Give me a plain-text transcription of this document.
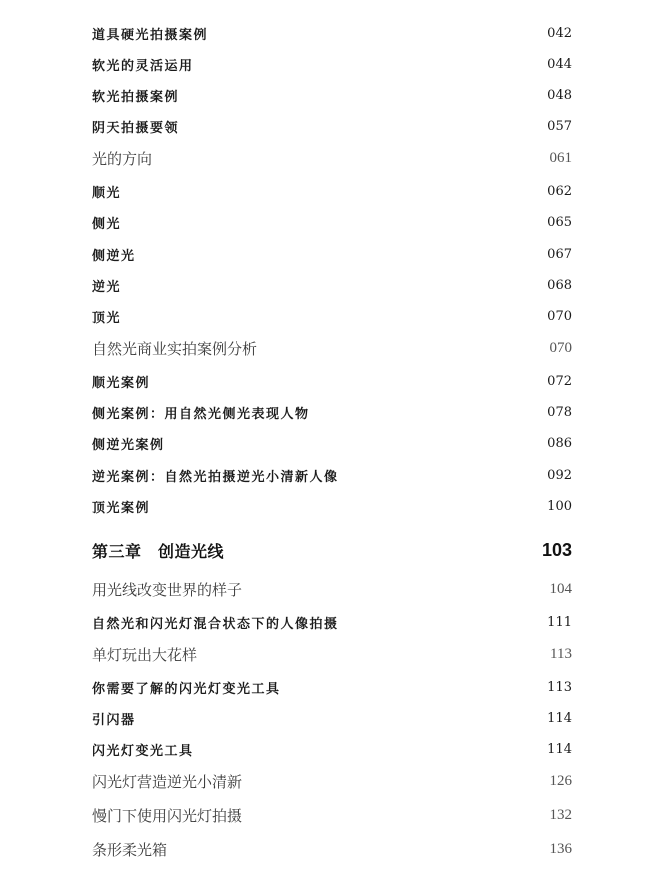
道具硬光拍摄案例	042
软光的灵活运用	044
软光拍摄案例	048
阴天拍摄要领	057
光的方向	061
顺光	062
侧光	065
侧逆光	067
逆光	068
顶光	070
自然光商业实拍案例分析	070
顺光案例	072
侧光案例：用自然光侧光表现人物	078
侧逆光案例	086
逆光案例：自然光拍摄逆光小清新人像	092
顶光案例	100
第三章　创造光线	103
用光线改变世界的样子	104
自然光和闪光灯混合状态下的人像拍摄	111
单灯玩出大花样	113
你需要了解的闪光灯变光工具	113
引闪器	114
闪光灯变光工具	114
闪光灯营造逆光小清新	126
慢门下使用闪光灯拍摄	132
条形柔光箱	136
